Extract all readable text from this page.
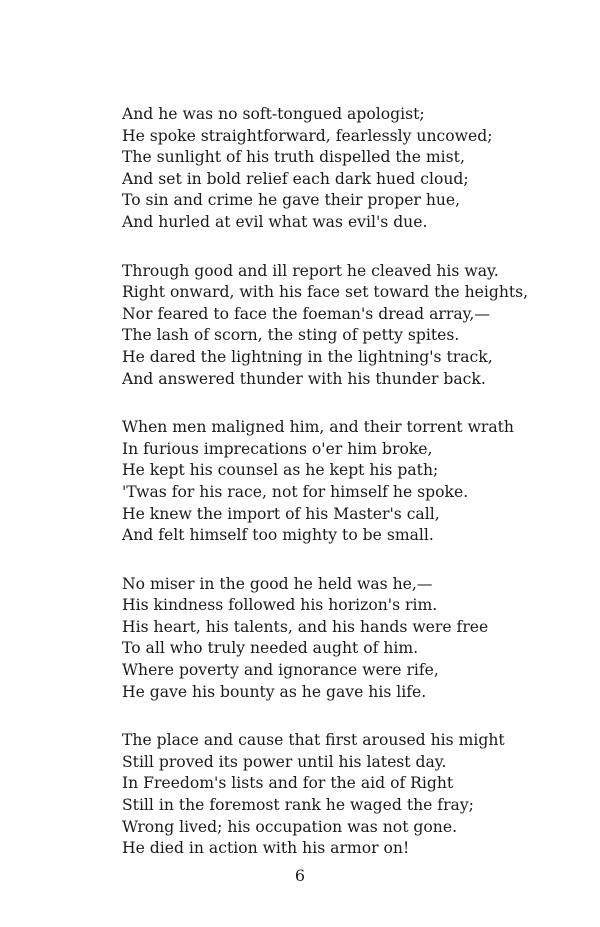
And he was no soft-tongued apologist;
He spoke straightforward, fearlessly uncowed;
The sunlight of his truth dispelled the mist,
And set in bold relief each dark hued cloud;
To sin and crime he gave their proper hue,
And hurled at evil what was evil's due.
Through good and ill report he cleaved his way.
Right onward, with his face set toward the heights,
Nor feared to face the foeman's dread array,—
The lash of scorn, the sting of petty spites.
He dared the lightning in the lightning's track,
And answered thunder with his thunder back.
When men maligned him, and their torrent wrath
In furious imprecations o'er him broke,
He kept his counsel as he kept his path;
'Twas for his race, not for himself he spoke.
He knew the import of his Master's call,
And felt himself too mighty to be small.
No miser in the good he held was he,—
His kindness followed his horizon's rim.
His heart, his talents, and his hands were free
To all who truly needed aught of him.
Where poverty and ignorance were rife,
He gave his bounty as he gave his life.
The place and cause that first aroused his might
Still proved its power until his latest day.
In Freedom's lists and for the aid of Right
Still in the foremost rank he waged the fray;
Wrong lived; his occupation was not gone.
He died in action with his armor on!
6
